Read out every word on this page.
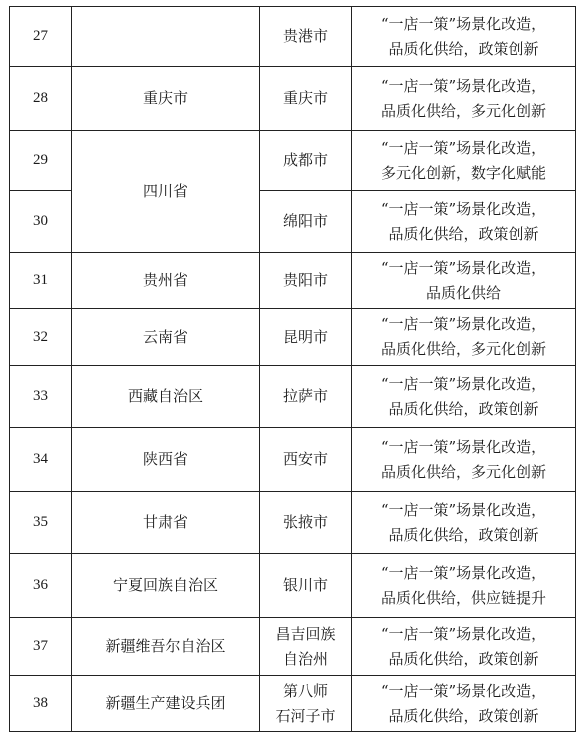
27		贵港市	“一店一策”场景化改造，
品质化供给，政策创新
28	重庆市	重庆市	“一店一策”场景化改造，
品质化供给，多元化创新
29	四川省	成都市	“一店一策”场景化改造，
多元化创新，数字化赋能
30		绵阳市	“一店一策”场景化改造，
品质化供给，政策创新
31	贵州省	贵阳市	“一店一策”场景化改造，
品质化供给
32	云南省	昆明市	“一店一策”场景化改造，
品质化供给，多元化创新
33	西藏自治区	拉萨市	“一店一策”场景化改造，
品质化供给，政策创新
34	陕西省	西安市	“一店一策”场景化改造，
品质化供给，多元化创新
35	甘肃省	张掖市	“一店一策”场景化改造，
品质化供给，政策创新
36	宁夏回族自治区	银川市	“一店一策”场景化改造，
品质化供给，供应链提升
37	新疆维吾尔自治区	昌吉回族
自治州	“一店一策”场景化改造，
品质化供给，政策创新
38	新疆生产建设兵团	第八师
石河子市	“一店一策”场景化改造，
品质化供给，政策创新
